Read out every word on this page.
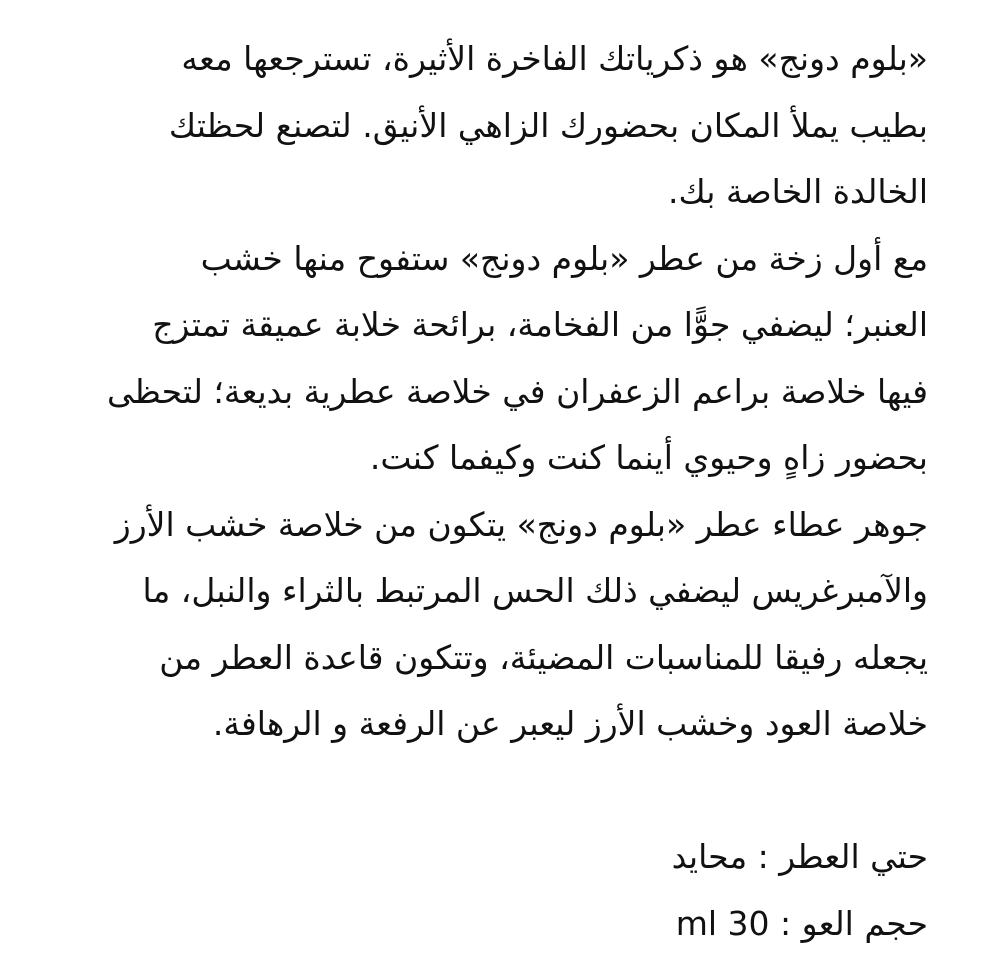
«بلوم دونج» هو ذكرياتك الفاخرة الأثيرة، تسترجعها معه
بطيب يملأ المكان بحضورك الزاهي الأنيق. لتصنع لحظتك
الخالدة الخاصة بك.
مع أول زخة من عطر «بلوم دونج» ستفوح منها خشب
العنبر؛ ليضفي جوًّا من الفخامة، برائحة خلابة عميقة تمتزج
فيها خلاصة براعم الزعفران في خلاصة عطرية بديعة؛ لتحظى
بحضور زاهٍ وحيوي أينما كنت وكيفما كنت.
جوهر عطاء عطر «بلوم دونج» يتكون من خلاصة خشب الأرز
والآمبرغريس ليضفي ذلك الحس المرتبط بالثراء والنبل، ما
يجعله رفيقا للمناسبات المضيئة، وتتكون قاعدة العطر من
خلاصة العود وخشب الأرز ليعبر عن الرفعة و الرهافة.
حتي العطر : محايد
حجم العو : 30 ml
